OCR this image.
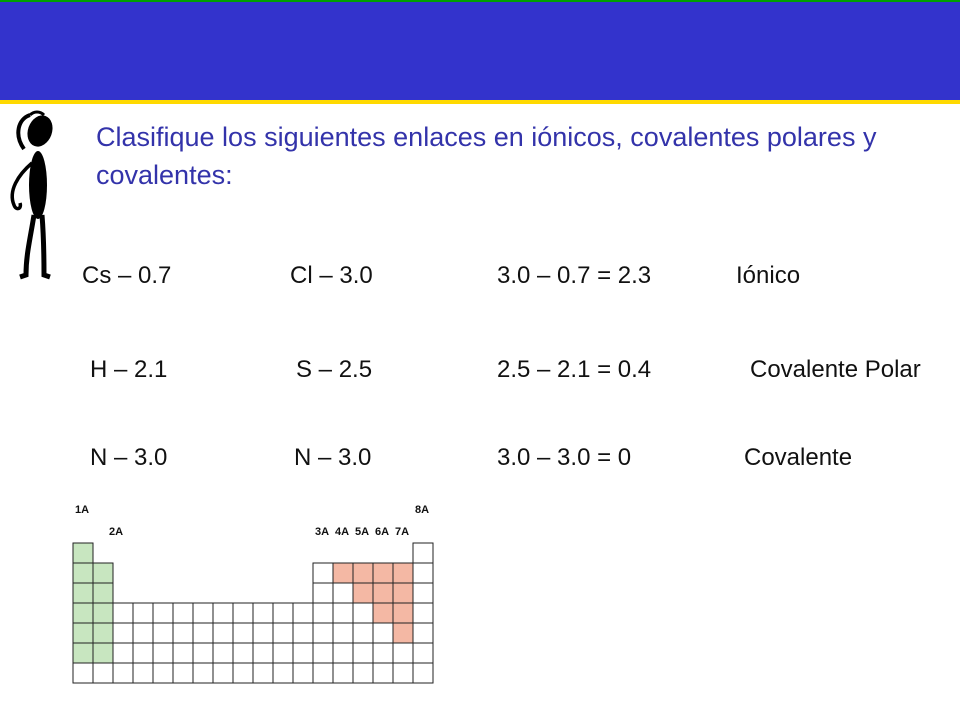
Clasifique los siguientes enlaces en iónicos, covalentes polares y covalentes:
Cs – 0.7	Cl – 3.0	3.0 – 0.7 = 2.3	Iónico
H – 2.1	S – 2.5	2.5 – 2.1 = 0.4	Covalente Polar
N – 3.0	N – 3.0	3.0 – 3.0 = 0	Covalente
1A
2A	3A 4A 5A 6A 7A
8A
